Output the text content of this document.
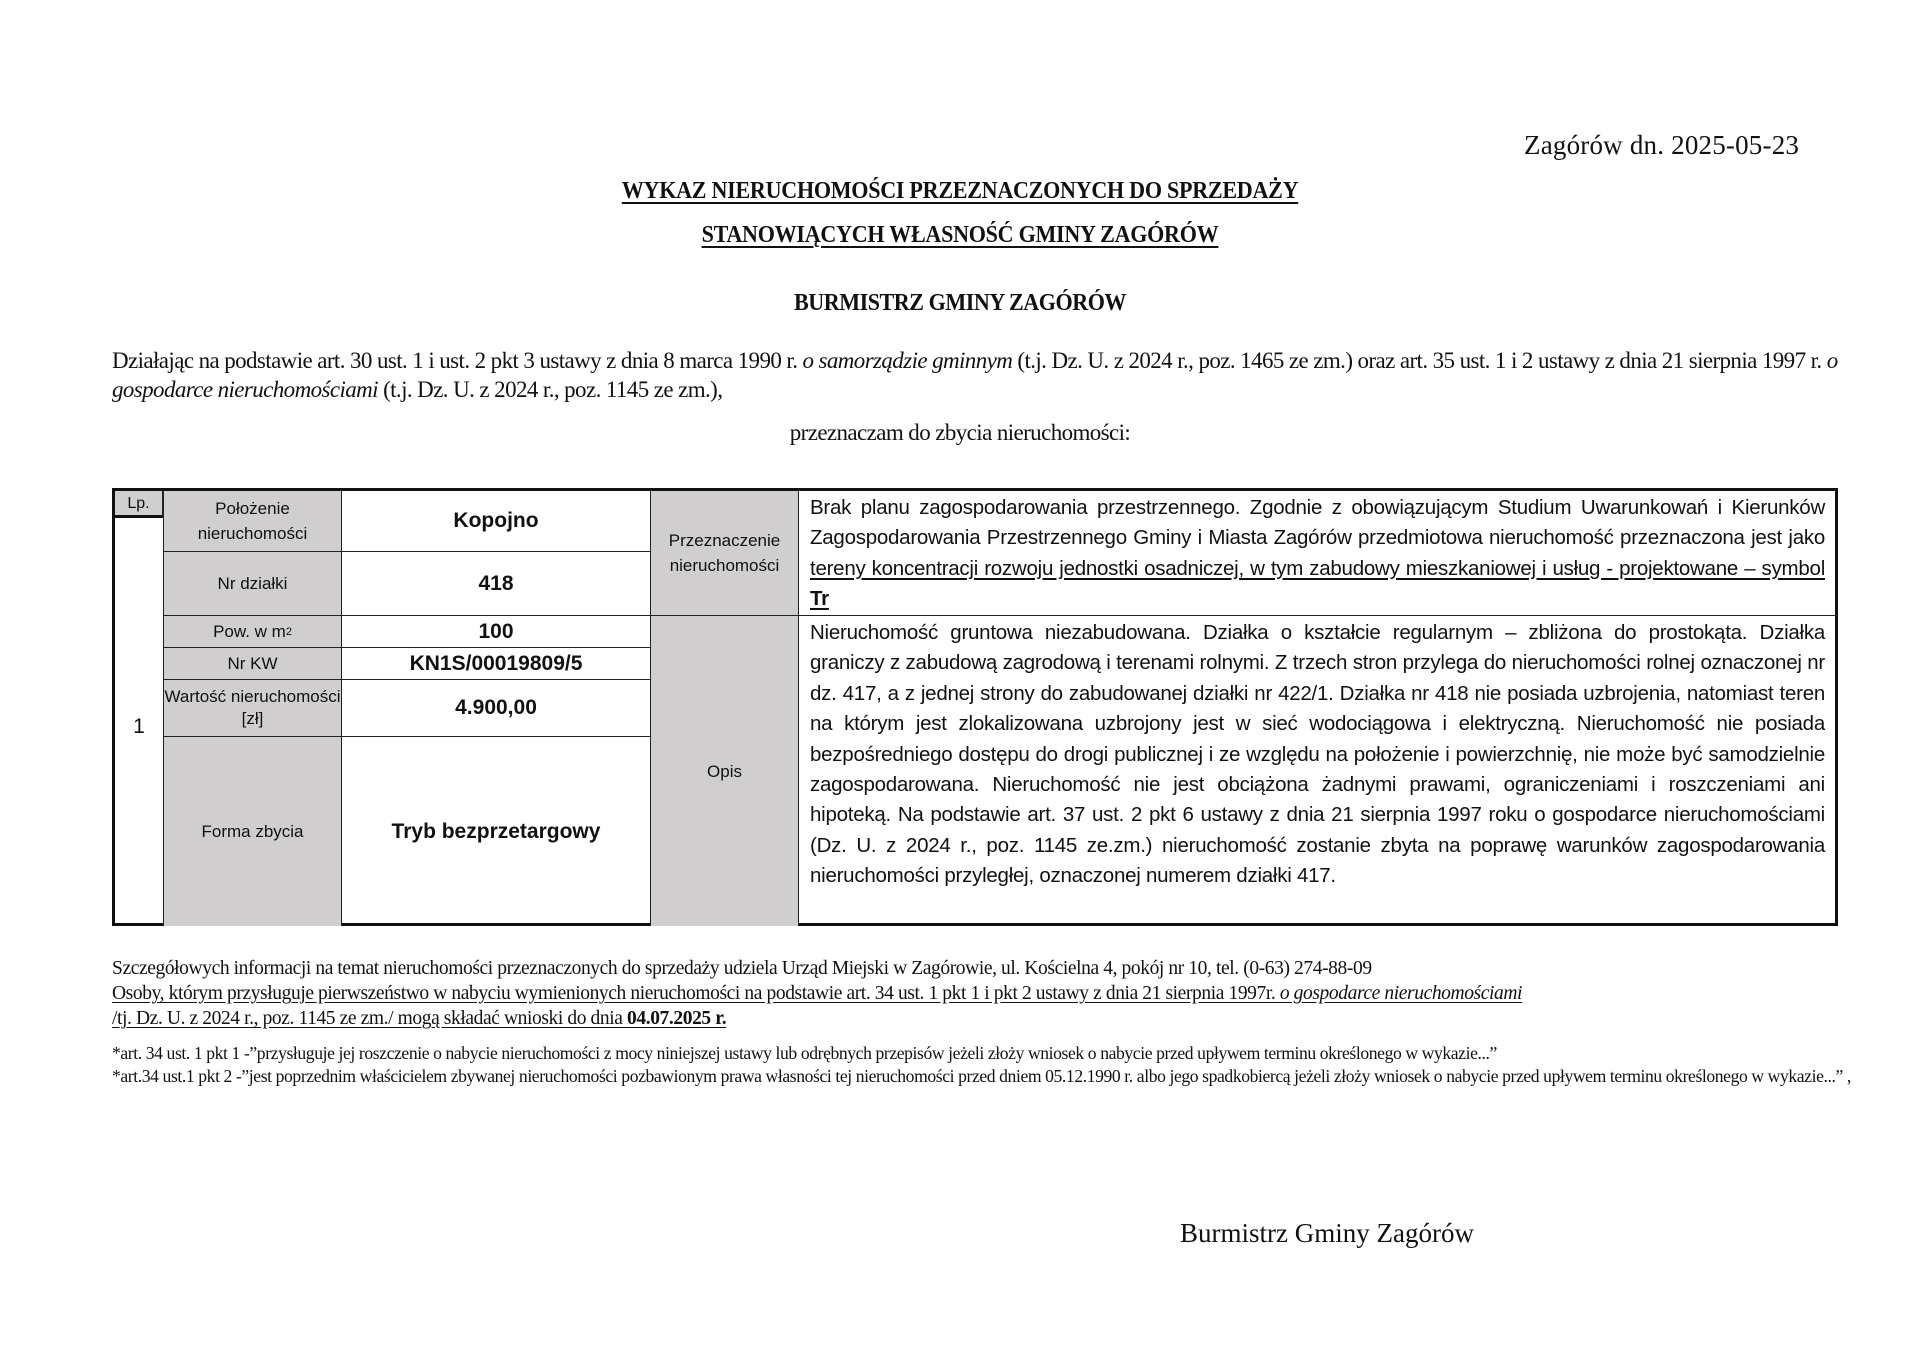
Zagórów dn. 2025-05-23
WYKAZ NIERUCHOMOŚCI PRZEZNACZONYCH DO SPRZEDAŻY
STANOWIĄCYCH WŁASNOŚĆ GMINY ZAGÓRÓW
BURMISTRZ GMINY ZAGÓRÓW
Działając na podstawie art. 30 ust. 1 i ust. 2 pkt 3 ustawy z dnia 8 marca 1990 r. o samorządzie gminnym (t.j. Dz. U. z 2024 r., poz. 1465 ze zm.) oraz art. 35 ust. 1 i 2 ustawy z dnia 21 sierpnia 1997 r. o gospodarce nieruchomościami (t.j. Dz. U. z 2024 r., poz. 1145 ze zm.),
przeznaczam do zbycia nieruchomości:
Lp.
1
Położenie nieruchomości
Nr działki
Pow. w m 2
Nr KW
Wartość nieruchomości [zł]
Forma zbycia
Kopojno
418
100
KN1S/00019809/5
4.900,00
Tryb bezprzetargowy
Przeznaczenie nieruchomości
Opis
Brak planu zagospodarowania przestrzennego. Zgodnie z obowiązującym Studium Uwarunkowań i Kierunków Zagospodarowania Przestrzennego Gminy i Miasta Zagórów przedmiotowa nieruchomość przeznaczona jest jako tereny koncentracji rozwoju jednostki osadniczej, w tym zabudowy mieszkaniowej i usług - projektowane – symbol Tr
Nieruchomość gruntowa niezabudowana. Działka o kształcie regularnym – zbliżona do prostokąta. Działka graniczy z zabudową zagrodową i terenami rolnymi. Z trzech stron przylega do nieruchomości rolnej oznaczonej nr dz. 417, a z jednej strony do zabudowanej działki nr 422/1. Działka nr 418 nie posiada uzbrojenia, natomiast teren na którym jest zlokalizowana uzbrojony jest w sieć wodociągowa i elektryczną. Nieruchomość nie posiada bezpośredniego dostępu do drogi publicznej i ze względu na położenie i powierzchnię, nie może być samodzielnie zagospodarowana. Nieruchomość nie jest obciążona żadnymi prawami, ograniczeniami i roszczeniami ani hipoteką. Na podstawie art. 37 ust. 2 pkt 6 ustawy z dnia 21 sierpnia 1997 roku o gospodarce nieruchomościami (Dz. U. z 2024 r., poz. 1145 ze.zm.) nieruchomość zostanie zbyta na poprawę warunków zagospodarowania nieruchomości przyległej, oznaczonej numerem działki 417.
Szczegółowych informacji na temat nieruchomości przeznaczonych do sprzedaży udziela Urząd Miejski w Zagórowie, ul. Kościelna 4, pokój nr 10, tel. (0-63) 274-88-09
Osoby, którym przysługuje pierwszeństwo w nabyciu wymienionych nieruchomości na podstawie art. 34 ust. 1 pkt 1 i pkt 2 ustawy z dnia 21 sierpnia 1997r. o gospodarce nieruchomościami
/tj. Dz. U. z 2024 r., poz. 1145 ze zm./ mogą składać wnioski do dnia 04.07.2025 r.
*art. 34 ust. 1 pkt 1 -”przysługuje jej roszczenie o nabycie nieruchomości z mocy niniejszej ustawy lub odrębnych przepisów jeżeli złoży wniosek o nabycie przed upływem terminu określonego w wykazie...”
*art.34 ust.1 pkt 2 -”jest poprzednim właścicielem zbywanej nieruchomości pozbawionym prawa własności tej nieruchomości przed dniem 05.12.1990 r. albo jego spadkobiercą jeżeli złoży wniosek o nabycie przed upływem terminu określonego w wykazie...” ,
Burmistrz Gminy Zagórów
